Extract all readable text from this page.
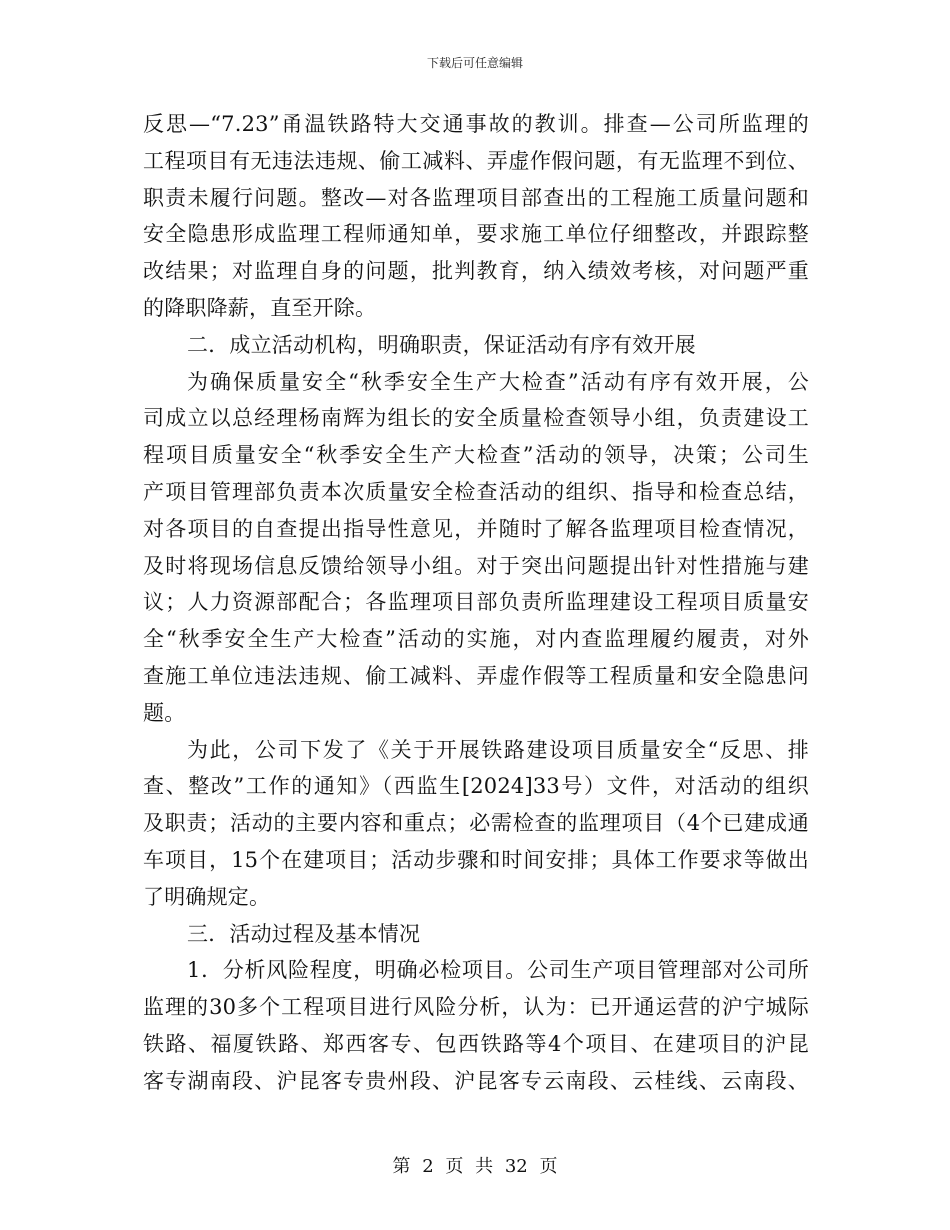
下载后可任意编辑
反思—“7.23”甬温铁路特大交通事故的教训。排查—公司所监理的
工程项目有无违法违规、偷工减料、弄虚作假问题，有无监理不到位、
职责未履行问题。整改—对各监理项目部查出的工程施工质量问题和
安全隐患形成监理工程师通知单，要求施工单位仔细整改，并跟踪整
改结果；对监理自身的问题，批判教育，纳入绩效考核，对问题严重
的降职降薪，直至开除。
二．成立活动机构，明确职责，保证活动有序有效开展
为确保质量安全“秋季安全生产大检查”活动有序有效开展，公
司成立以总经理杨南辉为组长的安全质量检查领导小组，负责建设工
程项目质量安全“秋季安全生产大检查”活动的领导，决策；公司生
产项目管理部负责本次质量安全检查活动的组织、指导和检查总结，
对各项目的自查提出指导性意见，并随时了解各监理项目检查情况，
及时将现场信息反馈给领导小组。对于突出问题提出针对性措施与建
议；人力资源部配合；各监理项目部负责所监理建设工程项目质量安
全“秋季安全生产大检查”活动的实施，对内查监理履约履责，对外
查施工单位违法违规、偷工减料、弄虚作假等工程质量和安全隐患问
题。
为此，公司下发了《关于开展铁路建设项目质量安全“反思、排
查、整改”工作的通知》（西监生[2024]33号）文件，对活动的组织
及职责；活动的主要内容和重点；必需检查的监理项目（4个已建成通
车项目，15个在建项目；活动步骤和时间安排；具体工作要求等做出
了明确规定。
三．活动过程及基本情况
1．分析风险程度，明确必检项目。公司生产项目管理部对公司所
监理的30多个工程项目进行风险分析，认为：已开通运营的沪宁城际
铁路、福厦铁路、郑西客专、包西铁路等4个项目、在建项目的沪昆
客专湖南段、沪昆客专贵州段、沪昆客专云南段、云桂线、云南段、
第 2 页 共 32 页
